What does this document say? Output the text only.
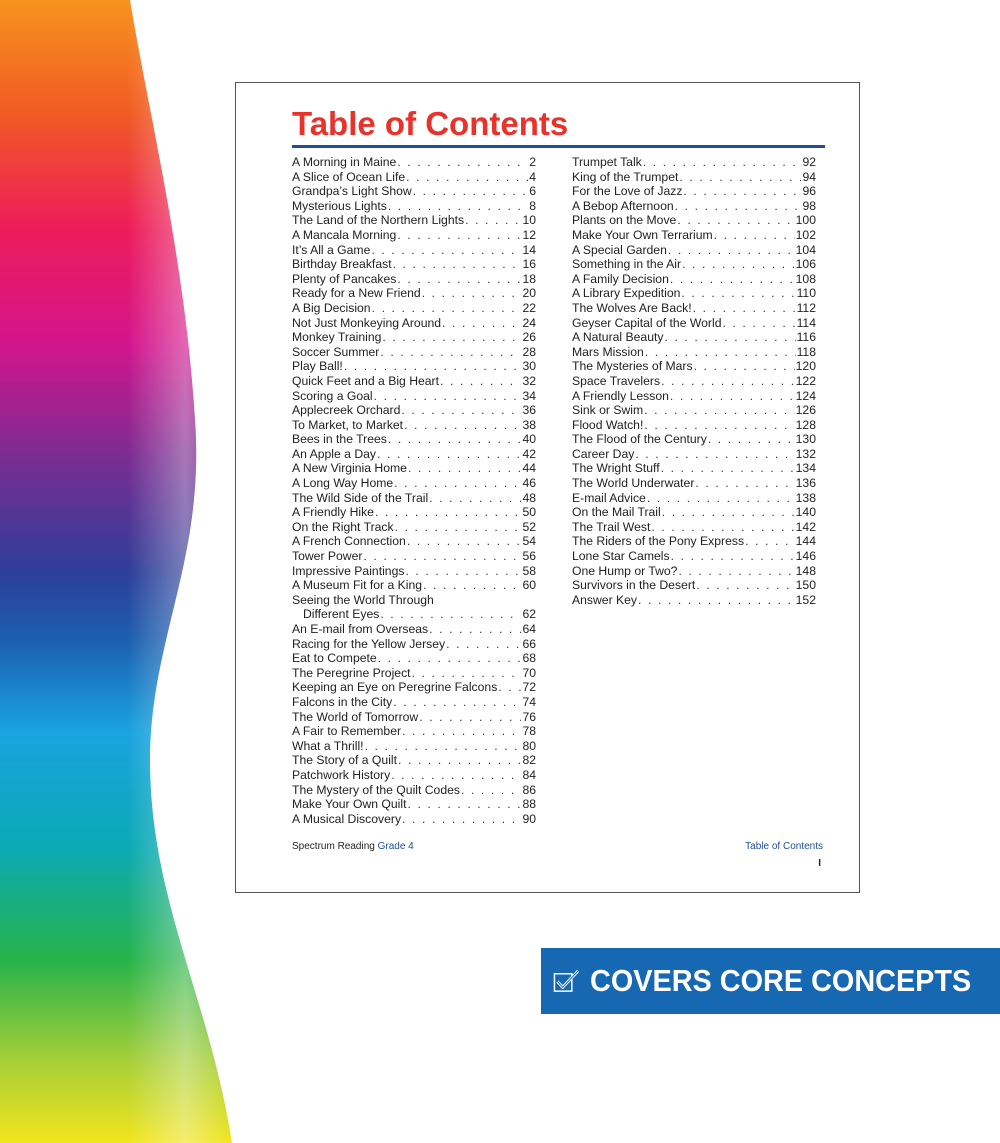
Table of Contents
A Morning in Maine . . .	2
A Slice of Ocean Life . . .	4
Grandpa’s Light Show . . .	6
Mysterious Lights . . .	8
The Land of the Northern Lights . . .	10
A Mancala Morning . . .	12
It’s All a Game . . .	14
Birthday Breakfast . . .	16
Plenty of Pancakes . . .	18
Ready for a New Friend . . .	20
A Big Decision . . .	22
Not Just Monkeying Around . . .	24
Monkey Training . . .	26
Soccer Summer . . .	28
Play Ball! . . .	30
Quick Feet and a Big Heart . . .	32
Scoring a Goal . . .	34
Applecreek Orchard . . .	36
To Market, to Market . . .	38
Bees in the Trees . . .	40
An Apple a Day . . .	42
A New Virginia Home . . .	44
A Long Way Home . . .	46
The Wild Side of the Trail . . .	48
A Friendly Hike . . .	50
On the Right Track . . .	52
A French Connection . . .	54
Tower Power . . .	56
Impressive Paintings . . .	58
A Museum Fit for a King . . .	60
Seeing the World Through
Different Eyes . . .	62
An E-mail from Overseas . . .	64
Racing for the Yellow Jersey . . .	66
Eat to Compete . . .	68
The Peregrine Project . . .	70
Keeping an Eye on Peregrine Falcons . . . 72
Falcons in the City . . .	74
The World of Tomorrow . . .	76
A Fair to Remember . . .	78
What a Thrill! . . .	80
The Story of a Quilt . . .	82
Patchwork History . . .	84
The Mystery of the Quilt Codes . . .	86
Make Your Own Quilt . . .	88
A Musical Discovery . . .	90
Trumpet Talk . . .	92
King of the Trumpet . . .	94
For the Love of Jazz . . .	96
A Bebop Afternoon . . .	98
Plants on the Move . . .	100
Make Your Own Terrarium . . .	102
A Special Garden . . .	104
Something in the Air . . .	106
A Family Decision . . .	108
A Library Expedition . . .	110
The Wolves Are Back! . . .	112
Geyser Capital of the World . . .	114
A Natural Beauty . . .	116
Mars Mission . . .	118
The Mysteries of Mars . . .	120
Space Travelers . . .	122
A Friendly Lesson . . .	124
Sink or Swim . . .	126
Flood Watch! . . .	128
The Flood of the Century . . .	130
Career Day . . .	132
The Wright Stuff . . .	134
The World Underwater . . .	136
E-mail Advice . . .	138
On the Mail Trail . . .	140
The Trail West . . .	142
The Riders of the Pony Express . . .	144
Lone Star Camels . . .	146
One Hump or Two? . . .	148
Survivors in the Desert . . .	150
Answer Key . . .	152
Spectrum Reading Grade 4	Table of Contents
I
COVERS CORE CONCEPTS
